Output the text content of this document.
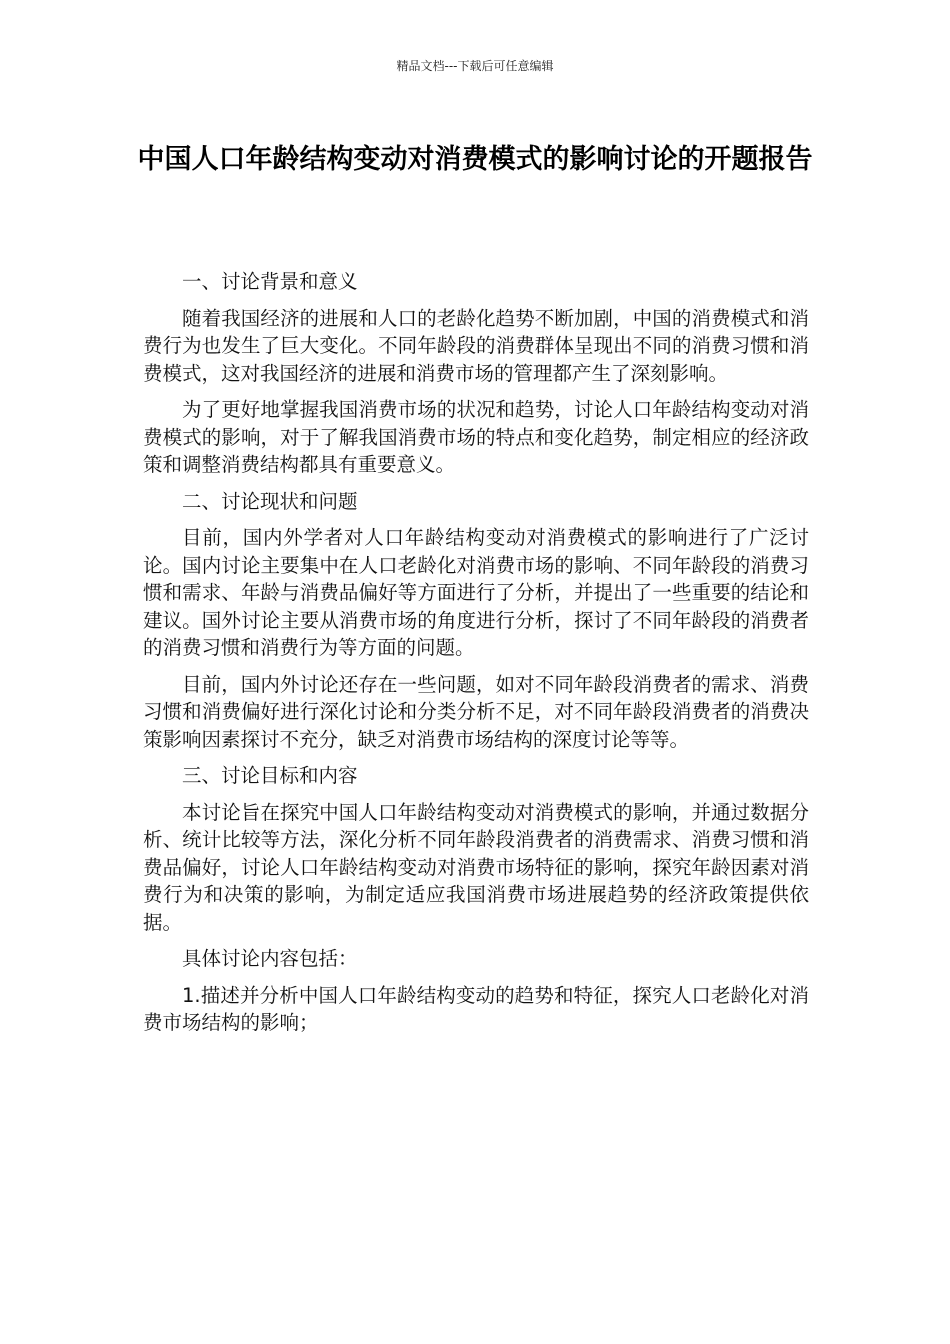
精品文档---下载后可任意编辑
中国人口年龄结构变动对消费模式的影响讨论的开题报告

一、讨论背景和意义

随着我国经济的进展和人口的老龄化趋势不断加剧，中国的消费模式和消费行为也发生了巨大变化。不同年龄段的消费群体呈现出不同的消费习惯和消费模式，这对我国经济的进展和消费市场的管理都产生了深刻影响。

为了更好地掌握我国消费市场的状况和趋势，讨论人口年龄结构变动对消费模式的影响，对于了解我国消费市场的特点和变化趋势，制定相应的经济政策和调整消费结构都具有重要意义。

二、讨论现状和问题

目前，国内外学者对人口年龄结构变动对消费模式的影响进行了广泛讨论。国内讨论主要集中在人口老龄化对消费市场的影响、不同年龄段的消费习惯和需求、年龄与消费品偏好等方面进行了分析，并提出了一些重要的结论和建议。国外讨论主要从消费市场的角度进行分析，探讨了不同年龄段的消费者的消费习惯和消费行为等方面的问题。

目前，国内外讨论还存在一些问题，如对不同年龄段消费者的需求、消费习惯和消费偏好进行深化讨论和分类分析不足，对不同年龄段消费者的消费决策影响因素探讨不充分，缺乏对消费市场结构的深度讨论等等。

三、讨论目标和内容

本讨论旨在探究中国人口年龄结构变动对消费模式的影响，并通过数据分析、统计比较等方法，深化分析不同年龄段消费者的消费需求、消费习惯和消费品偏好，讨论人口年龄结构变动对消费市场特征的影响，探究年龄因素对消费行为和决策的影响，为制定适应我国消费市场进展趋势的经济政策提供依据。

具体讨论内容包括：

1.描述并分析中国人口年龄结构变动的趋势和特征，探究人口老龄化对消费市场结构的影响；
